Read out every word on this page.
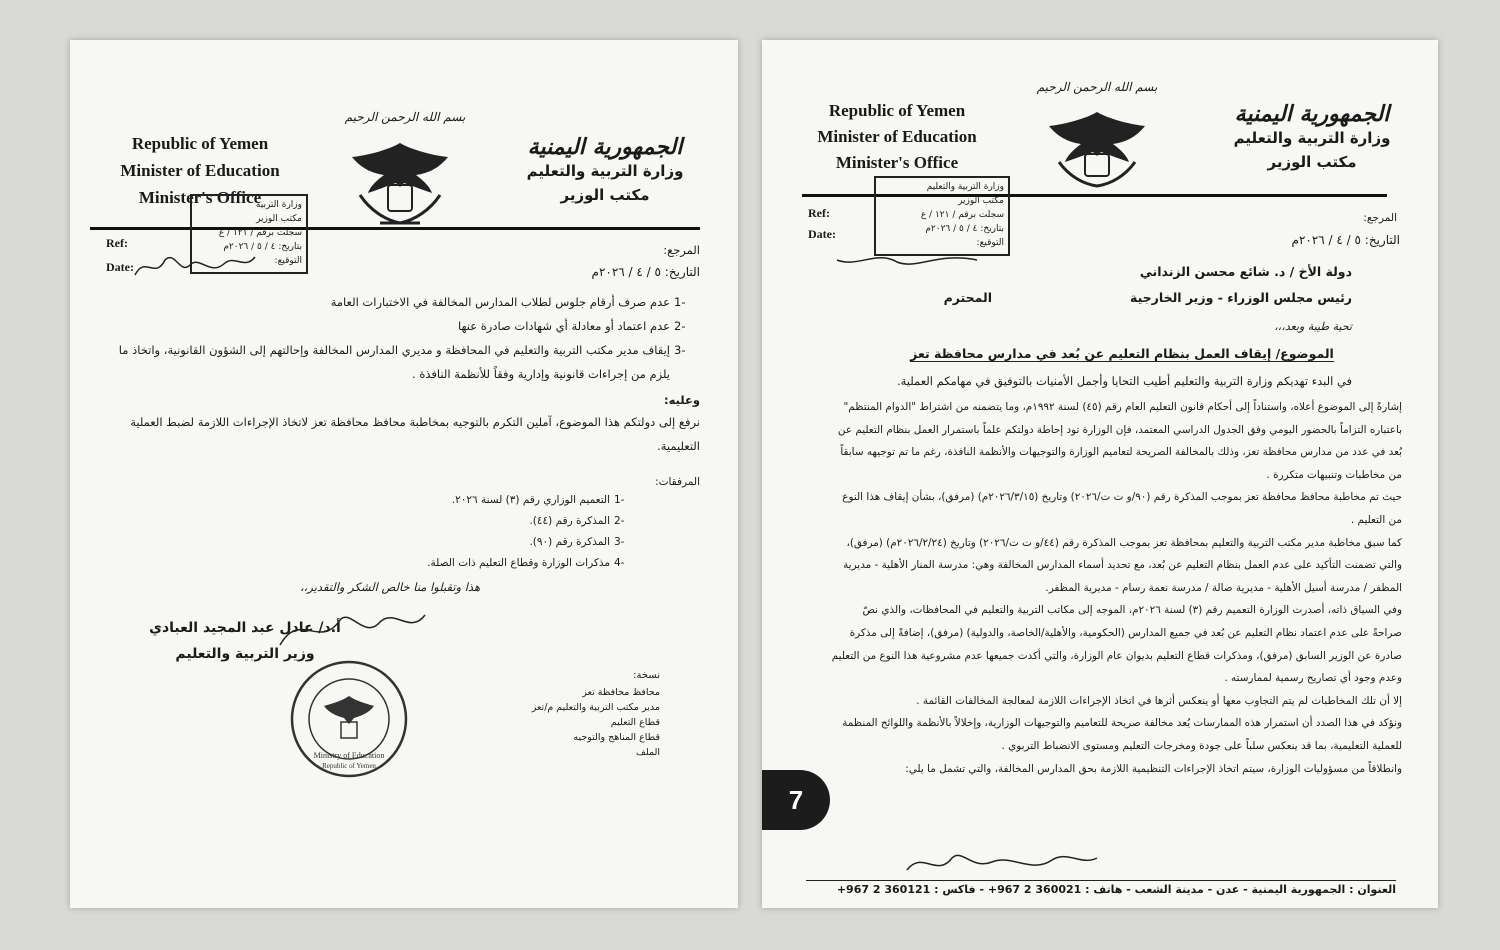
بسم الله الرحمن الرحيم
Republic of Yemen
Minister of Education
Minister's Office
الجمهورية اليمنية
وزارة التربية والتعليم
مكتب الوزير
وزارة التربية
مكتب الوزير
سجلت برقم / ١٢١ / ع
بتاريخ: ٤ / ٥ / ٢٠٢٦م
التوقيع:
Ref:
Date:
المرجع:
التاريخ: ٥ / ٤ / ٢٠٢٦م
1-
عدم صرف أرقام جلوس لطلاب المدارس المخالفة في الاختبارات العامة
2-
عدم اعتماد أو معادلة أي شهادات صادرة عنها
3-
إيقاف مدير مكتب التربية والتعليم في المحافظة و مديري المدارس المخالفة وإحالتهم إلى الشؤون القانونية، واتخاذ ما يلزم من إجراءات قانونية وإدارية وفقاً للأنظمة النافذة .
وعليه:
نرفع إلى دولتكم هذا الموضوع، آملين التكرم بالتوجيه بمخاطبة محافظ محافظة تعز لاتخاذ الإجراءات اللازمة لضبط العملية التعليمية.
المرفقات:
1-
التعميم الوزاري رقم (٣) لسنة ٢٠٢٦.
2-
المذكرة رقم (٤٤).
3-
المذكرة رقم (٩٠).
4-
مذكرات الوزارة وقطاع التعليم ذات الصلة.
هذا وتقبلوا منا خالص الشكر والتقدير،،
أ.د/ عادل عبد المجيد العبادي
وزير التربية والتعليم
Ministry of Education
Republic of Yemen
نسخة:
محافظ محافظة تعز
مدير مكتب التربية والتعليم م/تعز
قطاع التعليم
قطاع المناهج والتوجيه
الملف
بسم الله الرحمن الرحيم
Republic of Yemen
Minister of Education
Minister's Office
الجمهورية اليمنية
وزارة التربية والتعليم
مكتب الوزير
وزارة التربية والتعليم
مكتب الوزير
سجلت برقم / ١٢١ / ع
بتاريخ: ٤ / ٥ / ٢٠٢٦م
التوقيع:
Ref:
Date:
المرجع:
التاريخ: ٥ / ٤ / ٢٠٢٦م
دولة الأخ / د. شائع محسن الزنداني
رئيس مجلس الوزراء - وزير الخارجية
المحترم
تحية طيبة وبعد،،،
الموضوع/ إيقاف العمل بنظام التعليم عن بُعد في مدارس محافظة تعز
في البدء تهديكم وزارة التربية والتعليم أطيب التحايا وأجمل الأمنيات بالتوفيق في مهامكم العملية.

إشارةً إلى الموضوع أعلاه، واستناداً إلى أحكام قانون التعليم العام رقم (٤٥) لسنة ١٩٩٢م، وما يتضمنه من اشتراط "الدوام المنتظم" باعتباره التزاماً بالحضور اليومي وفق الجدول الدراسي المعتمد، فإن الوزارة تود إحاطة دولتكم علماً باستمرار العمل بنظام التعليم عن بُعد في عدد من مدارس محافظة تعز، وذلك بالمخالفة الصريحة لتعاميم الوزارة والتوجيهات والأنظمة النافذة، رغم ما تم توجيهه سابقاً من مخاطبات وتنبيهات متكررة .

حيث تم مخاطبة محافظ محافظة تعز بموجب المذكرة رقم (٩٠/و ت ت/٢٠٢٦) وتاريخ (٢٠٢٦/٣/١٥م) (مرفق)، بشأن إيقاف هذا النوع من التعليم .

كما سبق مخاطبة مدير مكتب التربية والتعليم بمحافظة تعز بموجب المذكرة رقم (٤٤/و ت ت/٢٠٢٦) وتاريخ (٢٠٢٦/٢/٢٤م) (مرفق)، والتي تضمنت التأكيد على عدم العمل بنظام التعليم عن بُعد، مع تحديد أسماء المدارس المخالفة وهي: مدرسة المنار الأهلية - مديرية المظفر / مدرسة أسيل الأهلية - مديرية صالة / مدرسة نعمة رسام - مديرية المظفر.

وفي السياق ذاته، أصدرت الوزارة التعميم رقم (٣) لسنة ٢٠٢٦م، الموجه إلى مكاتب التربية والتعليم في المحافظات، والذي نصّ صراحةً على عدم اعتماد نظام التعليم عن بُعد في جميع المدارس (الحكومية، والأهلية/الخاصة، والدولية) (مرفق)، إضافةً إلى مذكرة صادرة عن الوزير السابق (مرفق)، ومذكرات قطاع التعليم بديوان عام الوزارة، والتي أكدت جميعها عدم مشروعية هذا النوع من التعليم وعدم وجود أي تصاريح رسمية لممارسته .

إلا أن تلك المخاطبات لم يتم التجاوب معها أو ينعكس أثرها في اتخاذ الإجراءات اللازمة لمعالجة المخالفات القائمة .

ونؤكد في هذا الصدد أن استمرار هذه الممارسات يُعد مخالفة صريحة للتعاميم والتوجيهات الوزارية، وإخلالاً بالأنظمة واللوائح المنظمة للعملية التعليمية، بما قد ينعكس سلباً على جودة ومخرجات التعليم ومستوى الانضباط التربوي .

وانطلاقاً من مسؤوليات الوزارة، سيتم اتخاذ الإجراءات التنظيمية اللازمة بحق المدارس المخالفة، والتي تشمل ما يلي:

7
العنوان : الجمهورية اليمنية - عدن - مدينة الشعب - هاتف : 360021 2 967+ - فاكس : 360121 2 967+
